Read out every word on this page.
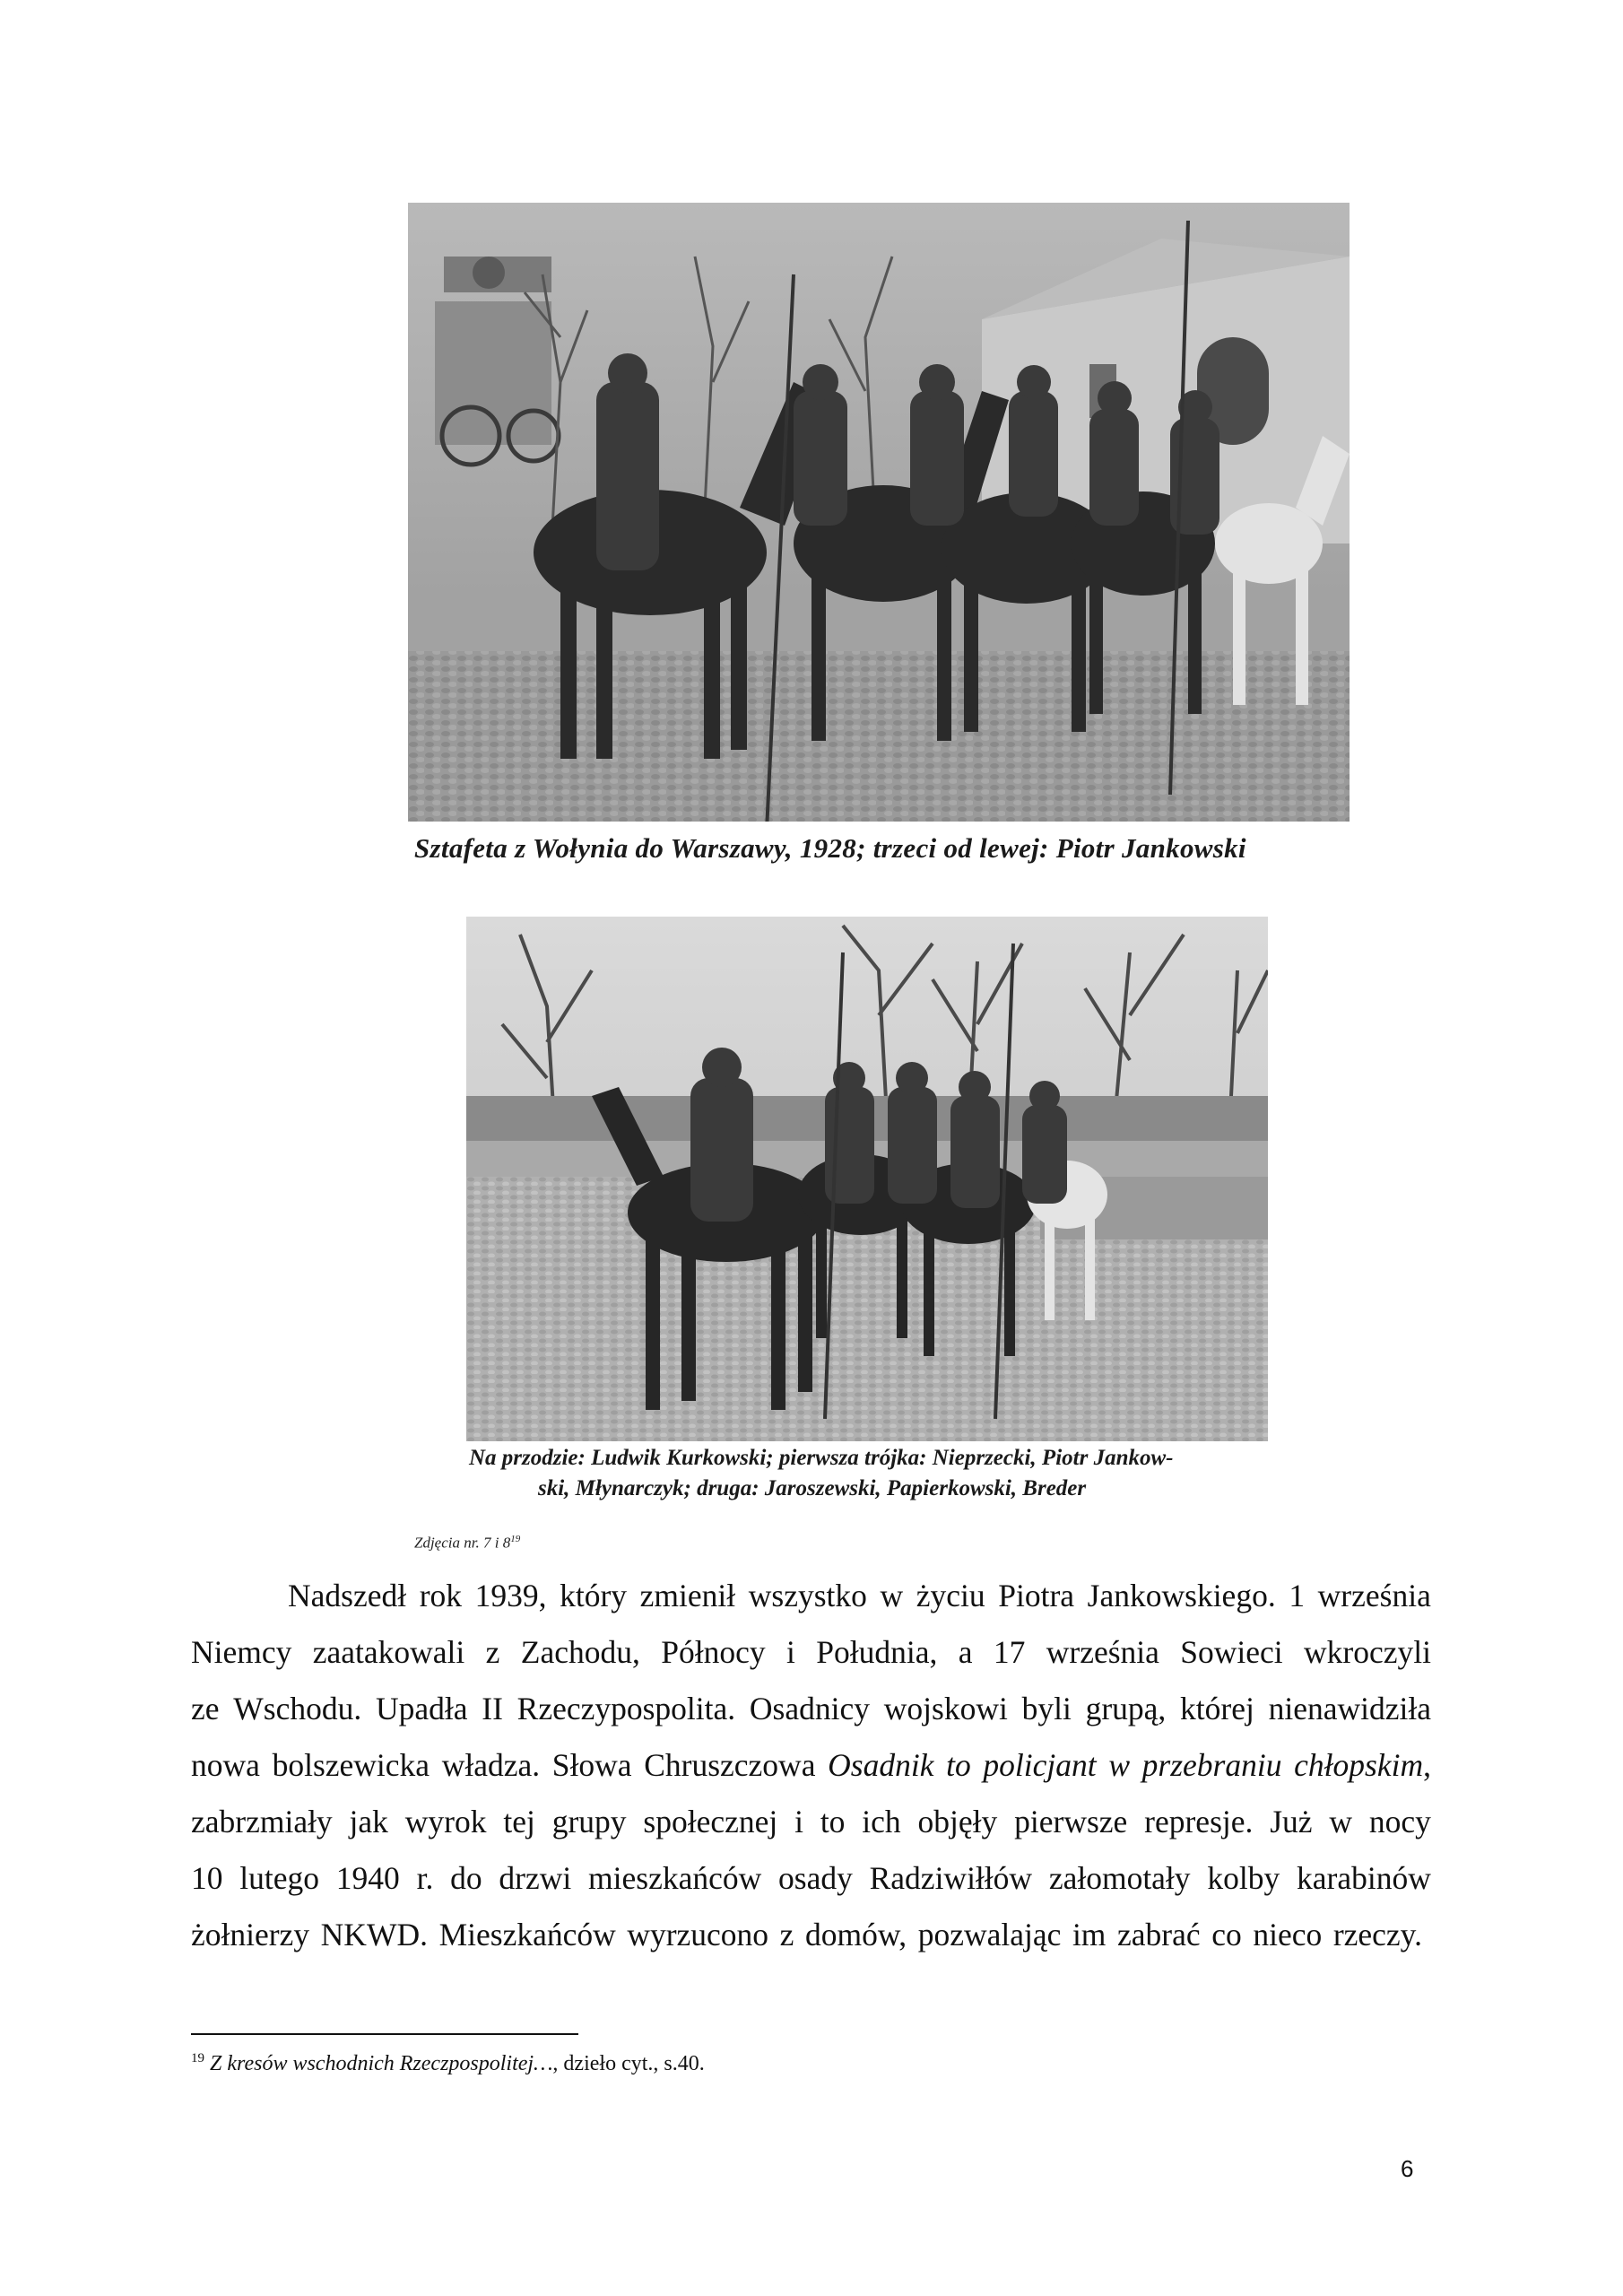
Sztafeta z Wołynia do Warszawy, 1928; trzeci od lewej: Piotr Jankowski
Na przodzie: Ludwik Kurkowski; pierwsza trójka: Nieprzecki, Piotr Jankow-
ski, Młynarczyk; druga: Jaroszewski, Papierkowski, Breder
Zdjęcia nr. 7 i $8^{19}$
Nadszedł rok 1939, który zmienił wszystko w życiu Piotra Jankowskiego. 1 września
Niemcy zaatakowali z Zachodu, Północy i Południa, a 17 września Sowieci wkroczyli
ze Wschodu. Upadła II Rzeczypospolita. Osadnicy wojskowi byli grupą, której nienawidziła
nowa bolszewicka władza. Słowa Chruszczowa Osadnik to policjant w przebraniu chłopskim,
zabrzmiały jak wyrok tej grupy społecznej i to ich objęły pierwsze represje. Już w nocy
10 lutego 1940 r. do drzwi mieszkańców osady Radziwiłłów załomotały kolby karabinów
żołnierzy NKWD. Mieszkańców wyrzucono z domów, pozwalając im zabrać co nieco rzeczy.
$^{19}$ Z kresów wschodnich Rzeczpospolitej…, dzieło cyt., s.40.
6
